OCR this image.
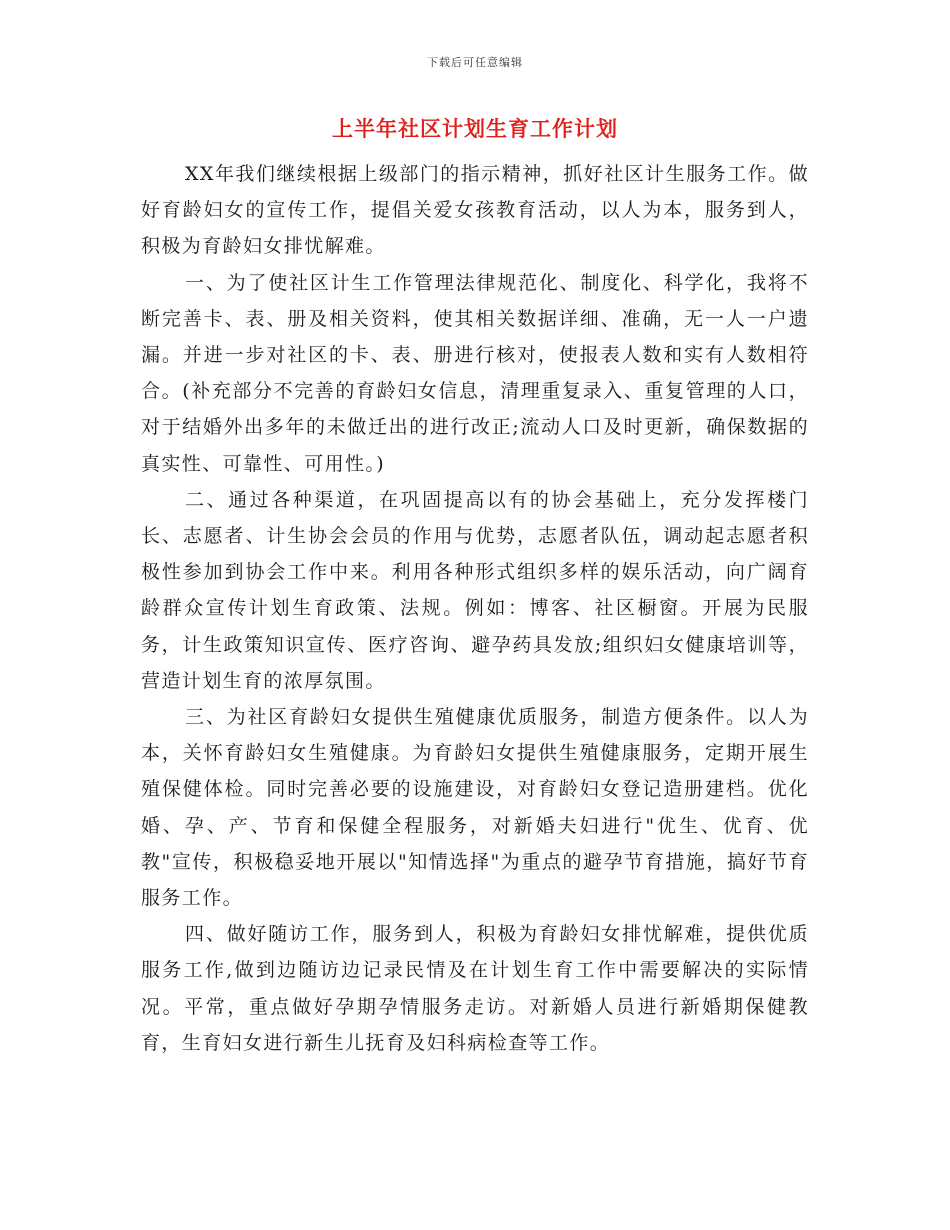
下载后可任意编辑
上半年社区计划生育工作计划

XX年我们继续根据上级部门的指示精神，抓好社区计生服务工作。做好育龄妇女的宣传工作，提倡关爱女孩教育活动，以人为本，服务到人，积极为育龄妇女排忧解难。

一、为了使社区计生工作管理法律规范化、制度化、科学化，我将不断完善卡、表、册及相关资料，使其相关数据详细、准确，无一人一户遗漏。并进一步对社区的卡、表、册进行核对，使报表人数和实有人数相符合。(补充部分不完善的育龄妇女信息，清理重复录入、重复管理的人口，对于结婚外出多年的未做迁出的进行改正;流动人口及时更新，确保数据的真实性、可靠性、可用性。)

二、通过各种渠道，在巩固提高以有的协会基础上，充分发挥楼门长、志愿者、计生协会会员的作用与优势，志愿者队伍，调动起志愿者积极性参加到协会工作中来。利用各种形式组织多样的娱乐活动，向广阔育龄群众宣传计划生育政策、法规。例如：博客、社区橱窗。开展为民服务，计生政策知识宣传、医疗咨询、避孕药具发放;组织妇女健康培训等，营造计划生育的浓厚氛围。

三、为社区育龄妇女提供生殖健康优质服务，制造方便条件。以人为本，关怀育龄妇女生殖健康。为育龄妇女提供生殖健康服务，定期开展生殖保健体检。同时完善必要的设施建设，对育龄妇女登记造册建档。优化婚、孕、产、节育和保健全程服务，对新婚夫妇进行"优生、优育、优教"宣传，积极稳妥地开展以"知情选择"为重点的避孕节育措施，搞好节育服务工作。

四、做好随访工作，服务到人，积极为育龄妇女排忧解难，提供优质服务工作,做到边随访边记录民情及在计划生育工作中需要解决的实际情况。平常，重点做好孕期孕情服务走访。对新婚人员进行新婚期保健教育，生育妇女进行新生儿抚育及妇科病检查等工作。
